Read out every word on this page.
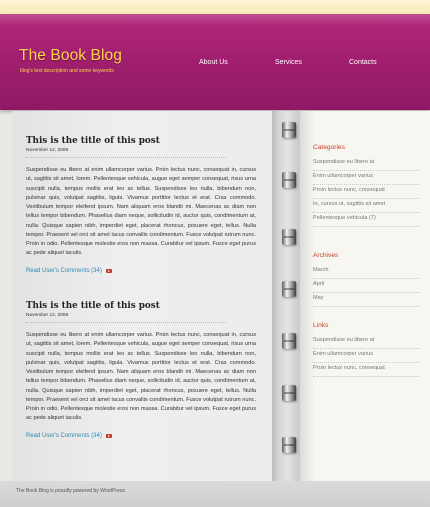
The Book Blog
blog's text description and some keywords
About Us	Services	Contacts
This is the title of this post
November 12, 2008

Suspendisse eu libero at enim ullamcorper varius. Proin lectus nunc, consequat in, cursus ut, sagittis sit amet, lorem. Pellentesque vehicula, augue eget semper consequat, risus urna suscipit nulla, tempus mollis erat leo ac tellus. Suspendisse leo nulla, bibendum non, pulvinar quis, volutpat sagittis, ligula. Vivamus porttitor lectus et erat. Cras commodo. Vestibulum tempor eleifend ipsum. Nam aliquam eros blandit mi. Maecenas ac diam non tellus tempor bibendum. Phasellus diam neque, sollicitudin id, auctor quis, condimentum at, nulla. Quisque sapien nibh, imperdiet eget, placerat rhoncus, posuere eget, tellus. Nulla tempor. Praesent vel orci sit amet lacus convallis condimentum. Fusce volutpat rutrum nunc. Proin in odio. Pellentesque molestie eros non massa. Curabitur vel ipsum. Fusce eget purus ac pede aliquet iaculis.

Read User's Comments (34)
This is the title of this post
November 12, 2008

Suspendisse eu libero at enim ullamcorper varius. Proin lectus nunc, consequat in, cursus ut, sagittis sit amet, lorem. Pellentesque vehicula, augue eget semper consequat, risus urna suscipit nulla, tempus mollis erat leo ac tellus. Suspendisse leo nulla, bibendum non, pulvinar quis, volutpat sagittis, ligula. Vivamus porttitor lectus et erat. Cras commodo. Vestibulum tempor eleifend ipsum. Nam aliquam eros blandit mi. Maecenas ac diam non tellus tempor bibendum. Phasellus diam neque, sollicitudin id, auctor quis, condimentum at, nulla. Quisque sapien nibh, imperdiet eget, placerat rhoncus, posuere eget, tellus. Nulla tempor. Praesent vel orci sit amet lacus convallis condimentum. Fusce volutpat rutrum nunc. Proin in odio. Pellentesque molestie eros non massa. Curabitur vel ipsum. Fusce eget purus ac pede aliquet iaculis.

Read User's Comments (34)
Categories
Suspendisse eu libero at
Enim ullamcorper varius
Proin lectus nunc, consequat
In, cursus ut, sagittis sit amet
Pellentesque vehicula (7)
Archives
March
April
May
Links
Suspendisse eu libero at
Enim ullamcorper varius
Proin lectus nunc, consequat
The Book Blog is proudly powered by WordPress
